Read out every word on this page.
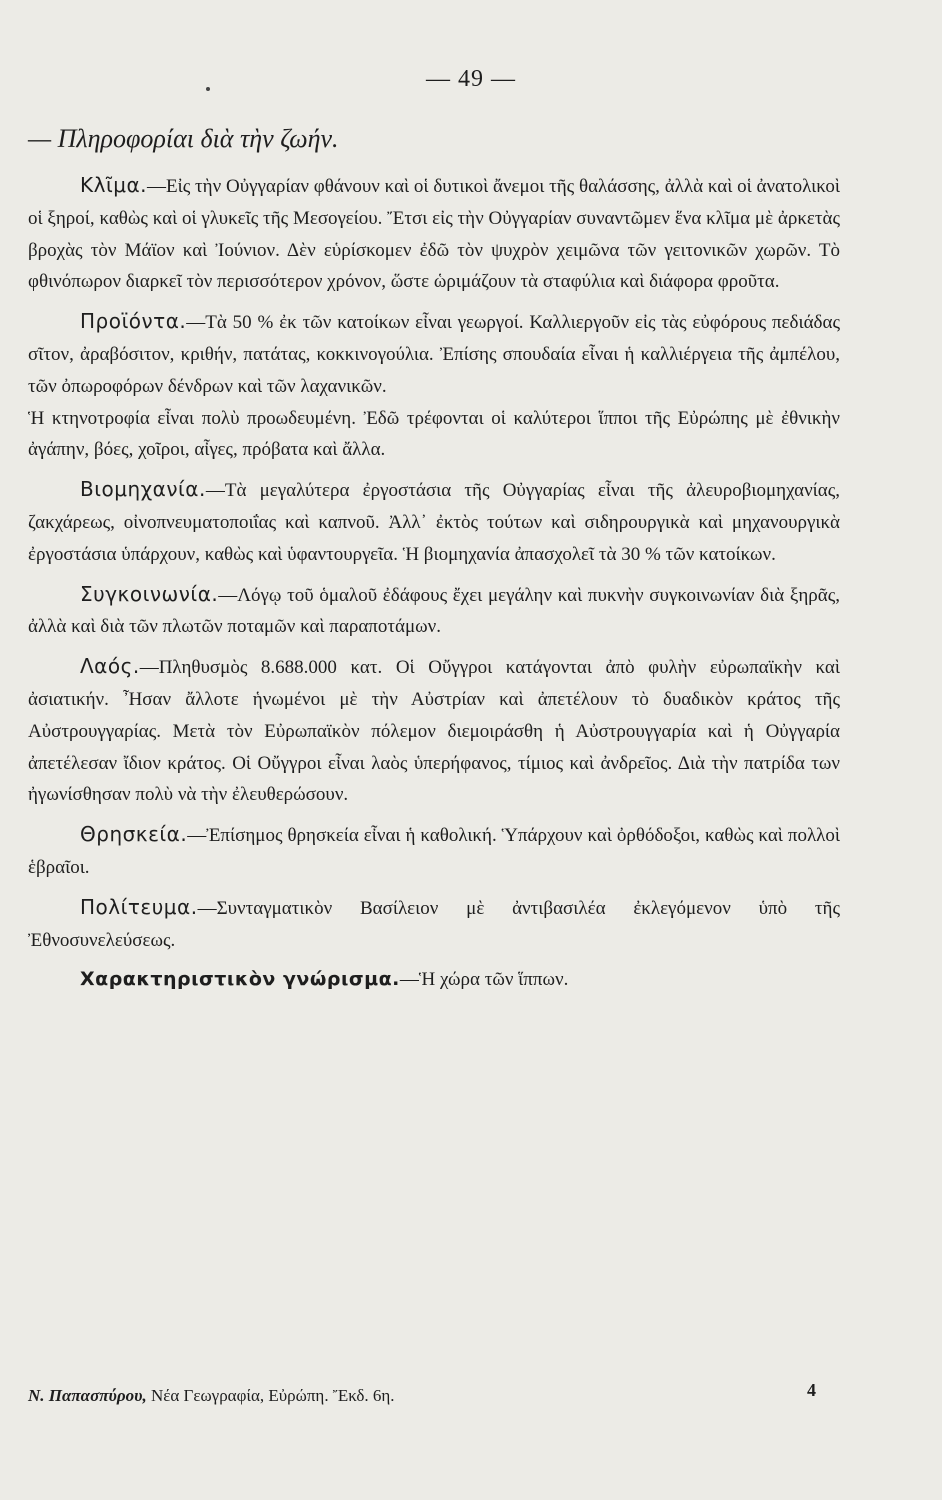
— 49 —
— Πληροφορίαι διὰ τὴν ζωήν.

Κλῖμα.—Εἰς τὴν Οὐγγαρίαν φθάνουν καὶ οἱ δυτικοὶ ἄνεμοι τῆς θαλάσσης, ἀλλὰ καὶ οἱ ἀνατολικοὶ οἱ ξηροί, καθὼς καὶ οἱ γλυκεῖς τῆς Μεσογείου. Ἔτσι εἰς τὴν Οὐγγαρίαν συναντῶμεν ἕνα κλῖμα μὲ ἀρκετὰς βροχὰς τὸν Μάϊον καὶ Ἰούνιον. Δὲν εὑρίσκομεν ἐδῶ τὸν ψυχρὸν χειμῶνα τῶν γειτονικῶν χωρῶν. Τὸ φθινόπωρον διαρκεῖ τὸν περισσότερον χρόνον, ὥστε ὡριμάζουν τὰ σταφύλια καὶ διάφορα φροῦτα.

Προϊόντα.—Τὰ 50 % ἐκ τῶν κατοίκων εἶναι γεωργοί. Καλλιεργοῦν εἰς τὰς εὐφόρους πεδιάδας σῖτον, ἀραβόσιτον, κριθήν, πατάτας, κοκκινογούλια. Ἐπίσης σπουδαία εἶναι ἡ καλλιέργεια τῆς ἀμπέλου, τῶν ὀπωροφόρων δένδρων καὶ τῶν λαχανικῶν.

Ἡ κτηνοτροφία εἶναι πολὺ προωδευμένη. Ἐδῶ τρέφονται οἱ καλύτεροι ἵπποι τῆς Εὐρώπης μὲ ἐθνικὴν ἀγάπην, βόες, χοῖροι, αἶγες, πρόβατα καὶ ἄλλα.

Βιομηχανία.—Τὰ μεγαλύτερα ἐργοστάσια τῆς Οὐγγαρίας εἶναι τῆς ἀλευροβιομηχανίας, ζακχάρεως, οἰνοπνευματοποιΐας καὶ καπνοῦ. Ἀλλ᾽ ἐκτὸς τούτων καὶ σιδηρουργικὰ καὶ μηχανουργικὰ ἐργοστάσια ὑπάρχουν, καθὼς καὶ ὑφαντουργεῖα. Ἡ βιομηχανία ἀπασχολεῖ τὰ 30 % τῶν κατοίκων.

Συγκοινωνία.—Λόγῳ τοῦ ὁμαλοῦ ἐδάφους ἔχει μεγάλην καὶ πυκνὴν συγκοινωνίαν διὰ ξηρᾶς, ἀλλὰ καὶ διὰ τῶν πλωτῶν ποταμῶν καὶ παραποτάμων.

Λαός.—Πληθυσμὸς 8.688.000 κατ. Οἱ Οὔγγροι κατάγονται ἀπὸ φυλὴν εὐρωπαϊκὴν καὶ ἀσιατικήν. Ἦσαν ἄλλοτε ἡνωμένοι μὲ τὴν Αὐστρίαν καὶ ἀπετέλουν τὸ δυαδικὸν κράτος τῆς Αὐστρουγγαρίας. Μετὰ τὸν Εὐρωπαϊκὸν πόλεμον διεμοιράσθη ἡ Αὐστρουγγαρία καὶ ἡ Οὐγγαρία ἀπετέλεσαν ἴδιον κράτος. Οἱ Οὔγγροι εἶναι λαὸς ὑπερήφανος, τίμιος καὶ ἀνδρεῖος. Διὰ τὴν πατρίδα των ἠγωνίσθησαν πολὺ νὰ τὴν ἐλευθερώσουν.

Θρησκεία.—Ἐπίσημος θρησκεία εἶναι ἡ καθολική. Ὑπάρχουν καὶ ὀρθόδοξοι, καθὼς καὶ πολλοὶ ἑβραῖοι.

Πολίτευμα.—Συνταγματικὸν Βασίλειον μὲ ἀντιβασιλέα ἐκλεγόμενον ὑπὸ τῆς Ἐθνοσυνελεύσεως.

Χαρακτηριστικὸν γνώρισμα.—Ἡ χώρα τῶν ἵππων.

Ν. Παπασπύρου, Νέα Γεωγραφία, Εὐρώπη. Ἔκδ. 6η.	4
